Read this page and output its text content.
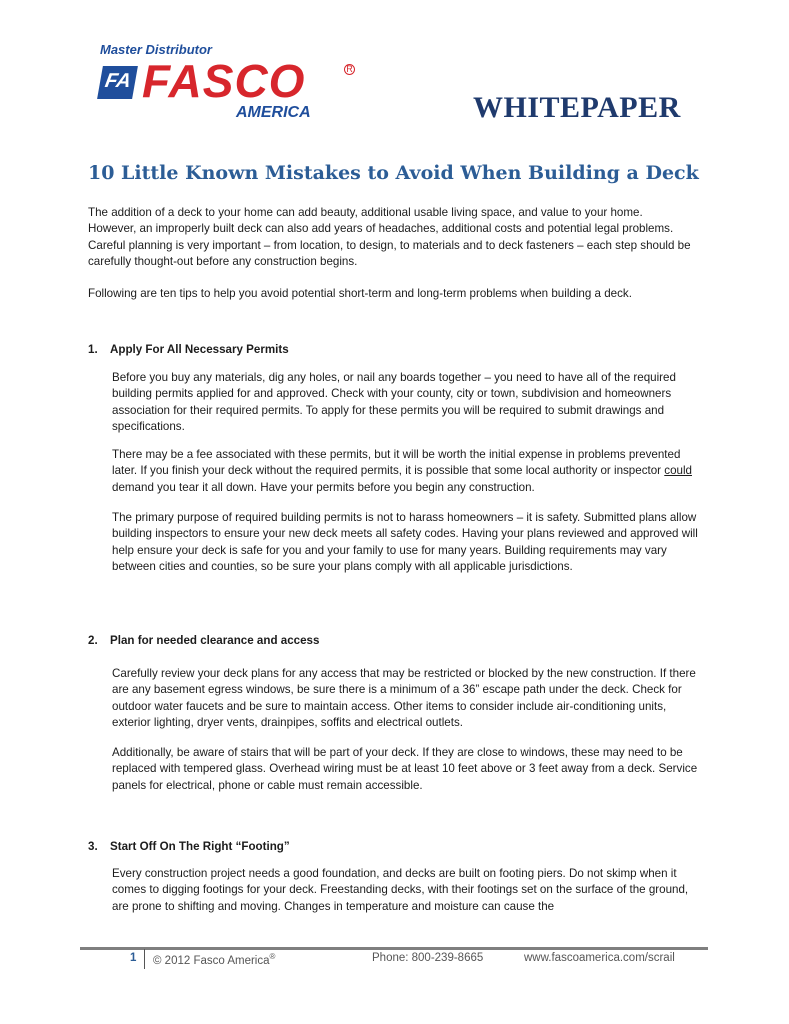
Master Distributor
FA FASCO	R
AMERICA	WHITEPAPER
10 Little Known Mistakes to Avoid When Building a Deck
The addition of a deck to your home can add beauty, additional usable living space, and value to your home. However, an improperly built deck can also add years of headaches, additional costs and potential legal problems. Careful planning is very important – from location, to design, to materials and to deck fasteners – each step should be carefully thought-out before any construction begins.
Following are ten tips to help you avoid potential short-term and long-term problems when building a deck.
1. Apply For All Necessary Permits
Before you buy any materials, dig any holes, or nail any boards together – you need to have all of the required building permits applied for and approved. Check with your county, city or town, subdivision and homeowners association for their required permits. To apply for these permits you will be required to submit drawings and specifications.
There may be a fee associated with these permits, but it will be worth the initial expense in problems prevented later. If you finish your deck without the required permits, it is possible that some local authority or inspector could demand you tear it all down. Have your permits before you begin any construction.
The primary purpose of required building permits is not to harass homeowners – it is safety. Submitted plans allow building inspectors to ensure your new deck meets all safety codes. Having your plans reviewed and approved will help ensure your deck is safe for you and your family to use for many years. Building requirements may vary between cities and counties, so be sure your plans comply with all applicable jurisdictions.
2. Plan for needed clearance and access
Carefully review your deck plans for any access that may be restricted or blocked by the new construction. If there are any basement egress windows, be sure there is a minimum of a 36” escape path under the deck. Check for outdoor water faucets and be sure to maintain access. Other items to consider include air-conditioning units, exterior lighting, dryer vents, drainpipes, soffits and electrical outlets.
Additionally, be aware of stairs that will be part of your deck. If they are close to windows, these may need to be replaced with tempered glass. Overhead wiring must be at least 10 feet above or 3 feet away from a deck. Service panels for electrical, phone or cable must remain accessible.
3. Start Off On The Right “Footing”
Every construction project needs a good foundation, and decks are built on footing piers. Do not skimp when it comes to digging footings for your deck. Freestanding decks, with their footings set on the surface of the ground, are prone to shifting and moving. Changes in temperature and moisture can cause the
1 © 2012 Fasco America®	Phone: 800-239-8665	www.fascoamerica.com/scrail
